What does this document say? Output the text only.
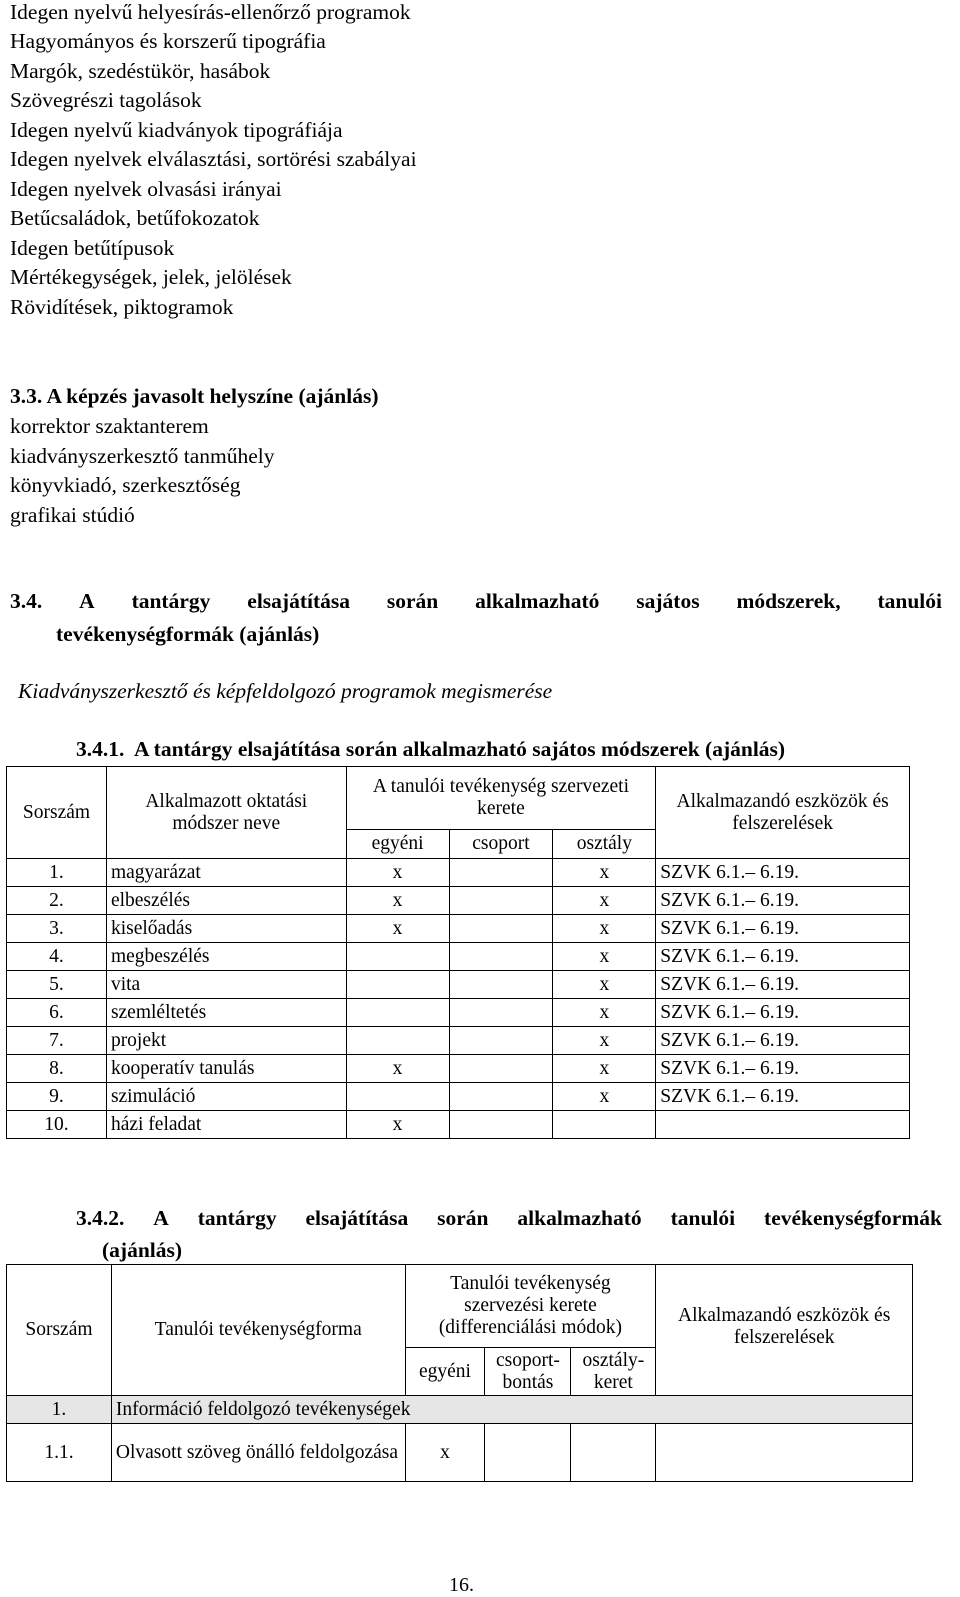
Idegen nyelvű helyesírás-ellenőrző programok
Hagyományos és korszerű tipográfia
Margók, szedéstükör, hasábok
Szövegrészi tagolások
Idegen nyelvű kiadványok tipográfiája
Idegen nyelvek elválasztási, sortörési szabályai
Idegen nyelvek olvasási irányai
Betűcsaládok, betűfokozatok
Idegen betűtípusok
Mértékegységek, jelek, jelölések
Rövidítések, piktogramok
3.3. A képzés javasolt helyszíne (ajánlás)
korrektor szaktanterem
kiadványszerkesztő tanműhely
könyvkiadó, szerkesztőség
grafikai stúdió
3.4. A tantárgy elsajátítása során alkalmazható sajátos módszerek, tanulói
tevékenységformák (ajánlás)
Kiadványszerkesztő és képfeldolgozó programok megismerése
3.4.1.  A tantárgy elsajátítása során alkalmazható sajátos módszerek (ajánlás)
Sorszám	Alkalmazott oktatási módszer neve	A tanulói tevékenység szervezeti kerete			Alkalmazandó eszközök és felszerelések
		egyéni	csoport	osztály	
1.	magyarázat	x		x	SZVK 6.1.– 6.19.
2.	elbeszélés	x		x	SZVK 6.1.– 6.19.
3.	kiselőadás	x		x	SZVK 6.1.– 6.19.
4.	megbeszélés			x	SZVK 6.1.– 6.19.
5.	vita			x	SZVK 6.1.– 6.19.
6.	szemléltetés			x	SZVK 6.1.– 6.19.
7.	projekt			x	SZVK 6.1.– 6.19.
8.	kooperatív tanulás	x		x	SZVK 6.1.– 6.19.
9.	szimuláció			x	SZVK 6.1.– 6.19.
10.	házi feladat	x			
3.4.2. A tantárgy elsajátítása során alkalmazható tanulói tevékenységformák
(ajánlás)
Sorszám	Tanulói tevékenységforma	Tanulói tevékenység szervezési kerete (differenciálási módok)			Alkalmazandó eszközök és felszerelések
		egyéni	csoport-bontás	osztály-keret	
1.	Információ feldolgozó tevékenységek				
1.1.	Olvasott szöveg önálló feldolgozása	x			
16.
